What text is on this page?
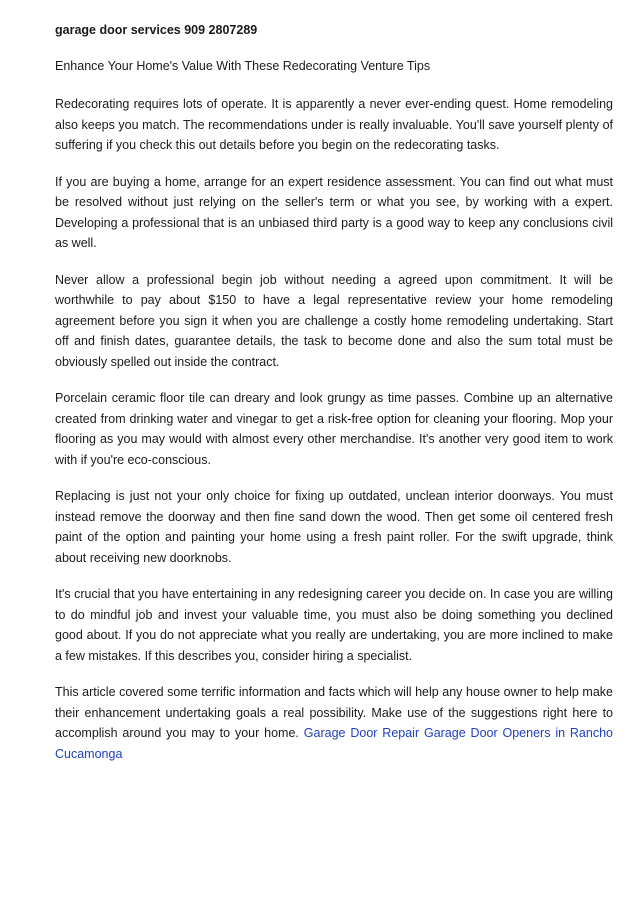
garage door services 909 2807289

Enhance Your Home's Value With These Redecorating Venture Tips

Redecorating requires lots of operate. It is apparently a never ever-ending quest. Home remodeling also keeps you match. The recommendations under is really invaluable. You'll save yourself plenty of suffering if you check this out details before you begin on the redecorating tasks.

If you are buying a home, arrange for an expert residence assessment. You can find out what must be resolved without just relying on the seller's term or what you see, by working with a expert. Developing a professional that is an unbiased third party is a good way to keep any conclusions civil as well.

Never allow a professional begin job without needing a agreed upon commitment. It will be worthwhile to pay about $150 to have a legal representative review your home remodeling agreement before you sign it when you are challenge a costly home remodeling undertaking. Start off and finish dates, guarantee details, the task to become done and also the sum total must be obviously spelled out inside the contract.

Porcelain ceramic floor tile can dreary and look grungy as time passes. Combine up an alternative created from drinking water and vinegar to get a risk-free option for cleaning your flooring. Mop your flooring as you may would with almost every other merchandise. It's another very good item to work with if you're eco-conscious.

Replacing is just not your only choice for fixing up outdated, unclean interior doorways. You must instead remove the doorway and then fine sand down the wood. Then get some oil centered fresh paint of the option and painting your home using a fresh paint roller. For the swift upgrade, think about receiving new doorknobs.

It's crucial that you have entertaining in any redesigning career you decide on. In case you are willing to do mindful job and invest your valuable time, you must also be doing something you declined good about. If you do not appreciate what you really are undertaking, you are more inclined to make a few mistakes. If this describes you, consider hiring a specialist.

This article covered some terrific information and facts which will help any house owner to help make their enhancement undertaking goals a real possibility. Make use of the suggestions right here to accomplish around you may to your home. Garage Door Repair Garage Door Openers in Rancho Cucamonga
